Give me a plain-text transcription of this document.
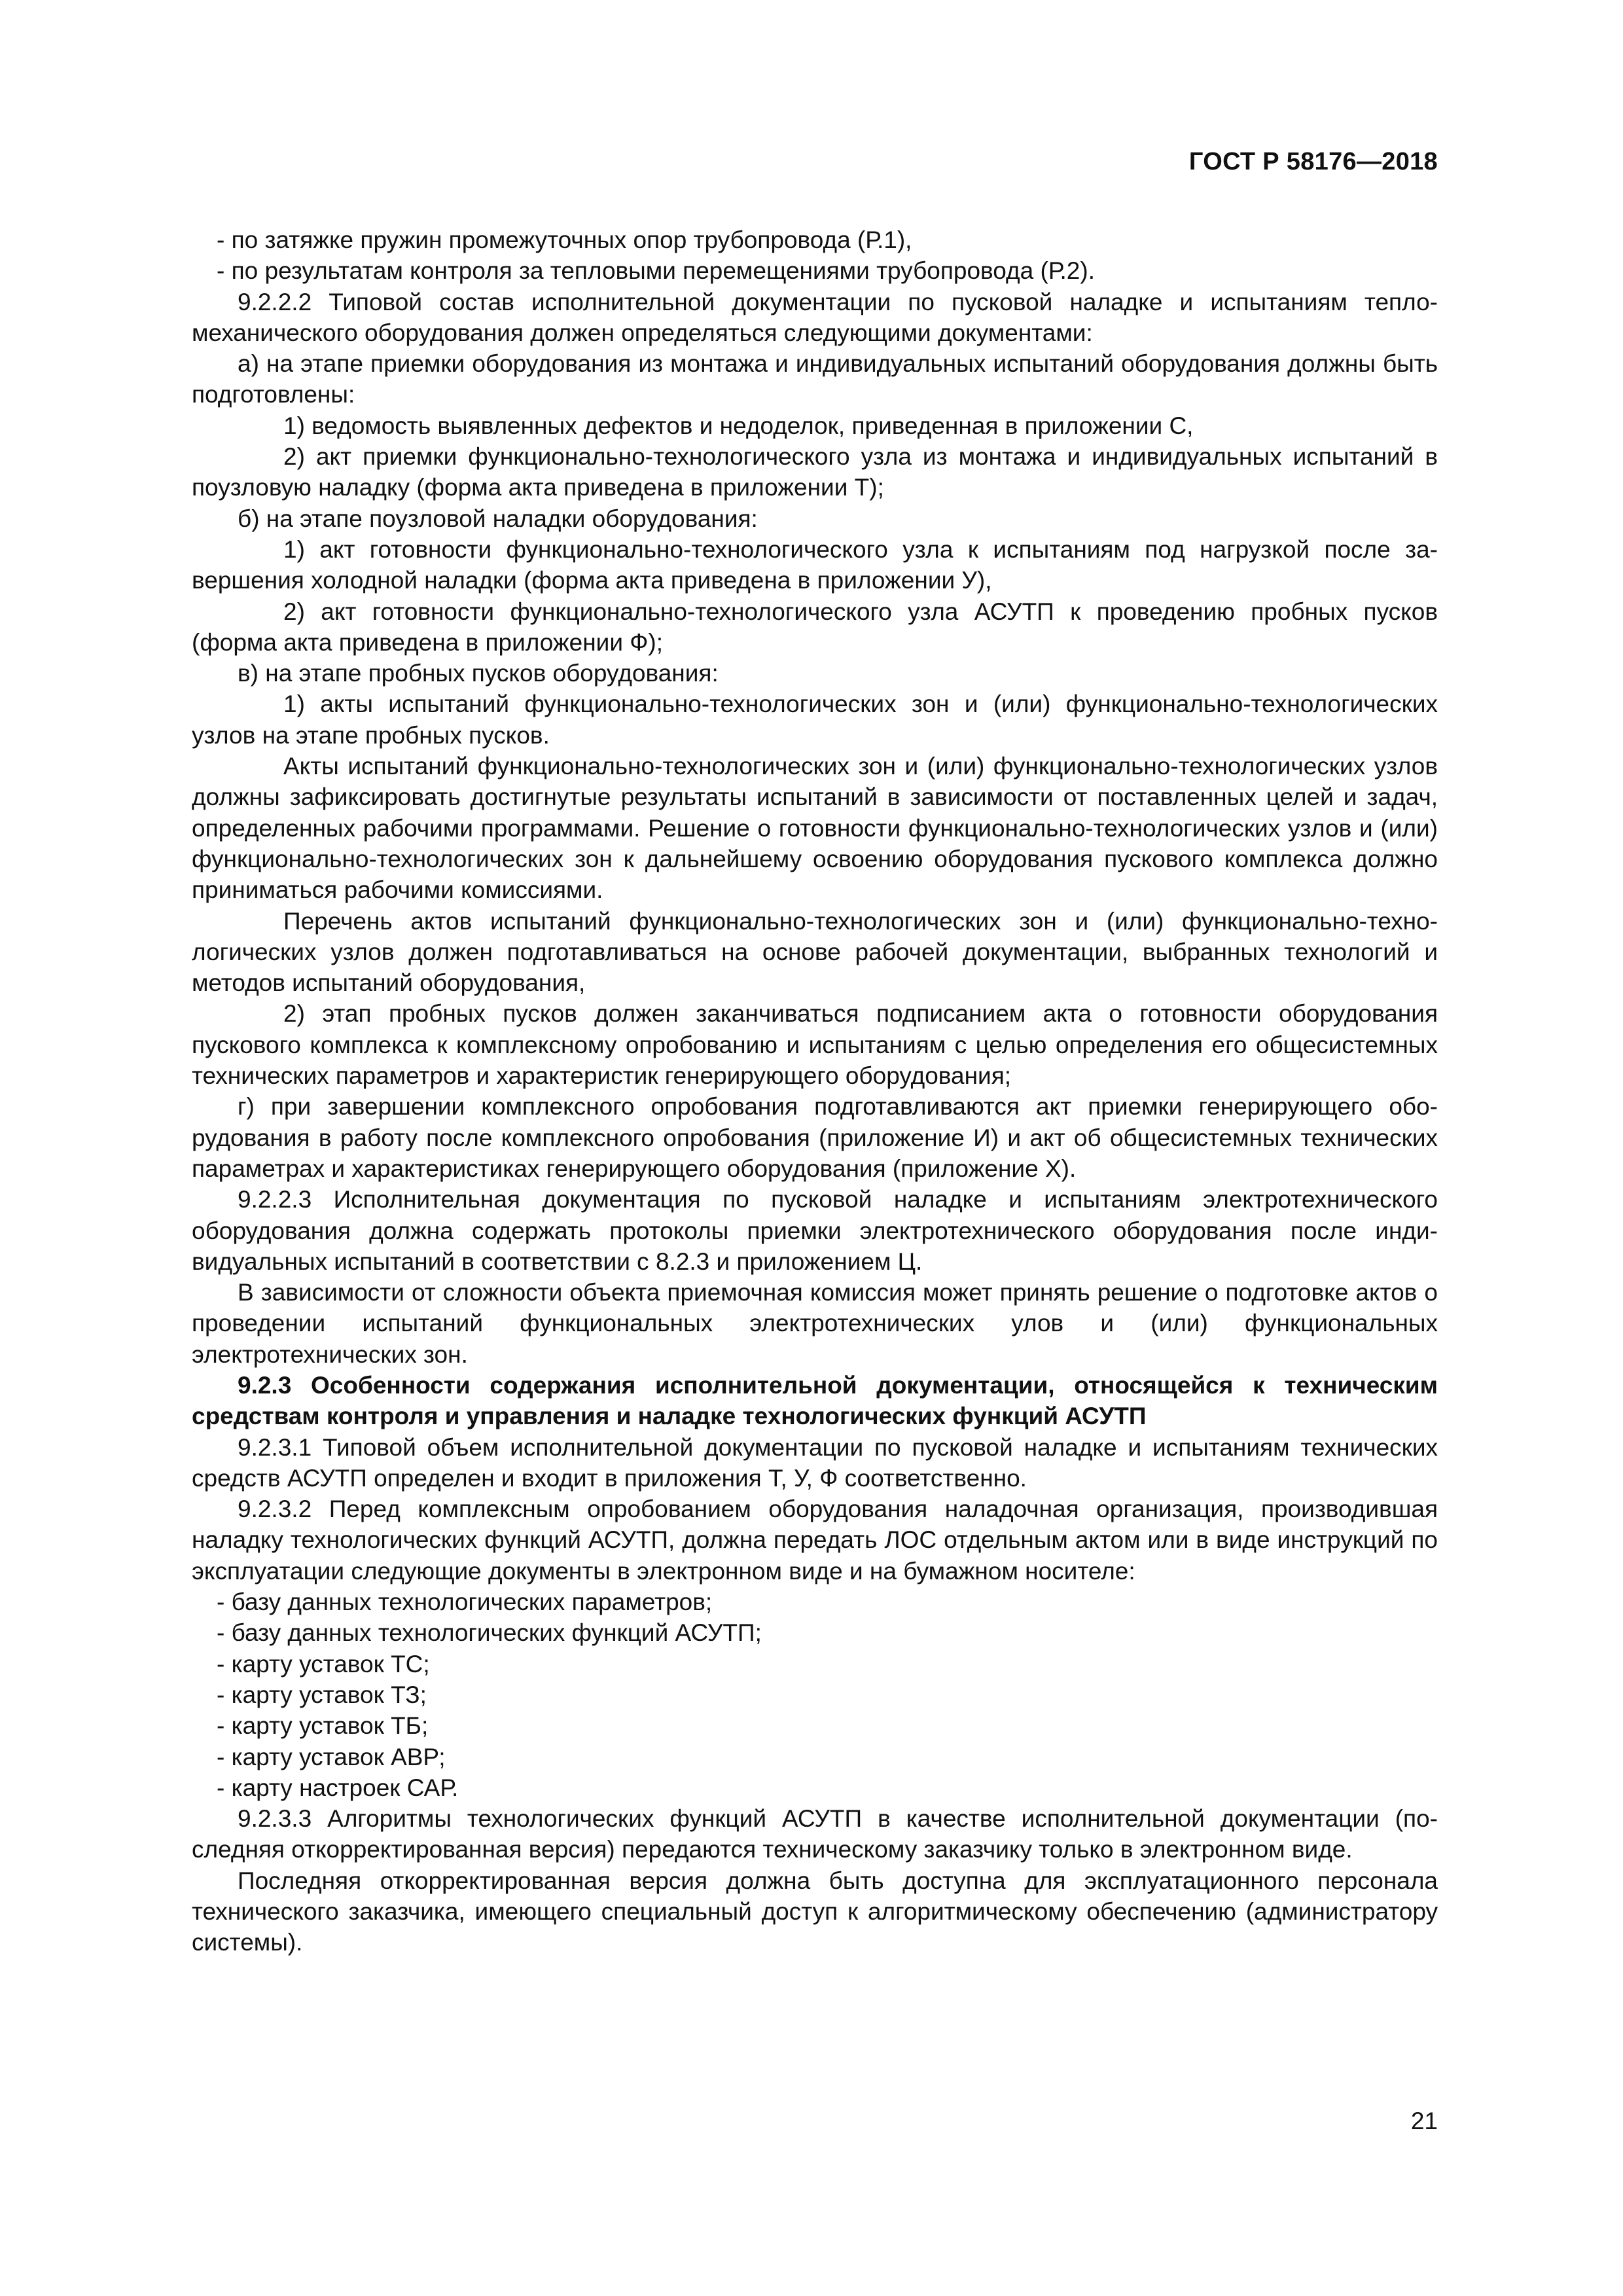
ГОСТ Р 58176—2018

- по затяжке пружин промежуточных опор трубопровода (Р.1),

- по результатам контроля за тепловыми перемещениями трубопровода (Р.2).

9.2.2.2 Типовой состав исполнительной документации по пусковой наладке и испытаниям тепломеханического оборудования должен определяться следующими документами:

а) на этапе приемки оборудования из монтажа и индивидуальных испытаний оборудования должны быть подготовлены:

1) ведомость выявленных дефектов и недоделок, приведенная в приложении С,

2) акт приемки функционально-технологического узла из монтажа и индивидуальных испытаний в поузловую наладку (форма акта приведена в приложении Т);

б) на этапе поузловой наладки оборудования:

1) акт готовности функционально-технологического узла к испытаниям под нагрузкой после завершения холодной наладки (форма акта приведена в приложении У),

2) акт готовности функционально-технологического узла АСУТП к проведению пробных пусков (форма акта приведена в приложении Ф);

в) на этапе пробных пусков оборудования:

1) акты испытаний функционально-технологических зон и (или) функционально-технологических узлов на этапе пробных пусков.

Акты испытаний функционально-технологических зон и (или) функционально-технологических узлов должны зафиксировать достигнутые результаты испытаний в зависимости от поставленных целей и задач, определенных рабочими программами. Решение о готовности функционально-технологических узлов и (или) функционально-технологических зон к дальнейшему освоению оборудования пускового комплекса должно приниматься рабочими комиссиями.

Перечень актов испытаний функционально-технологических зон и (или) функционально-технологических узлов должен подготавливаться на основе рабочей документации, выбранных технологий и методов испытаний оборудования,

2) этап пробных пусков должен заканчиваться подписанием акта о готовности оборудования пускового комплекса к комплексному опробованию и испытаниям с целью определения его общесистемных технических параметров и характеристик генерирующего оборудования;

г) при завершении комплексного опробования подготавливаются акт приемки генерирующего оборудования в работу после комплексного опробования (приложение И) и акт об общесистемных технических параметрах и характеристиках генерирующего оборудования (приложение Х).

9.2.2.3 Исполнительная документация по пусковой наладке и испытаниям электротехнического оборудования должна содержать протоколы приемки электротехнического оборудования после индивидуальных испытаний в соответствии с 8.2.3 и приложением Ц.

В зависимости от сложности объекта приемочная комиссия может принять решение о подготовке актов о проведении испытаний функциональных электротехнических улов и (или) функциональных электротехнических зон.

9.2.3 Особенности содержания исполнительной документации, относящейся к техническим средствам контроля и управления и наладке технологических функций АСУТП

9.2.3.1 Типовой объем исполнительной документации по пусковой наладке и испытаниям технических средств АСУТП определен и входит в приложения Т, У, Ф соответственно.

9.2.3.2 Перед комплексным опробованием оборудования наладочная организация, производившая наладку технологических функций АСУТП, должна передать ЛОС отдельным актом или в виде инструкций по эксплуатации следующие документы в электронном виде и на бумажном носителе:

- базу данных технологических параметров;

- базу данных технологических функций АСУТП;

- карту уставок ТС;

- карту уставок ТЗ;

- карту уставок ТБ;

- карту уставок АВР;

- карту настроек САР.

9.2.3.3 Алгоритмы технологических функций АСУТП в качестве исполнительной документации (последняя откорректированная версия) передаются техническому заказчику только в электронном виде.

Последняя откорректированная версия должна быть доступна для эксплуатационного персонала технического заказчика, имеющего специальный доступ к алгоритмическому обеспечению (администратору системы).

21
